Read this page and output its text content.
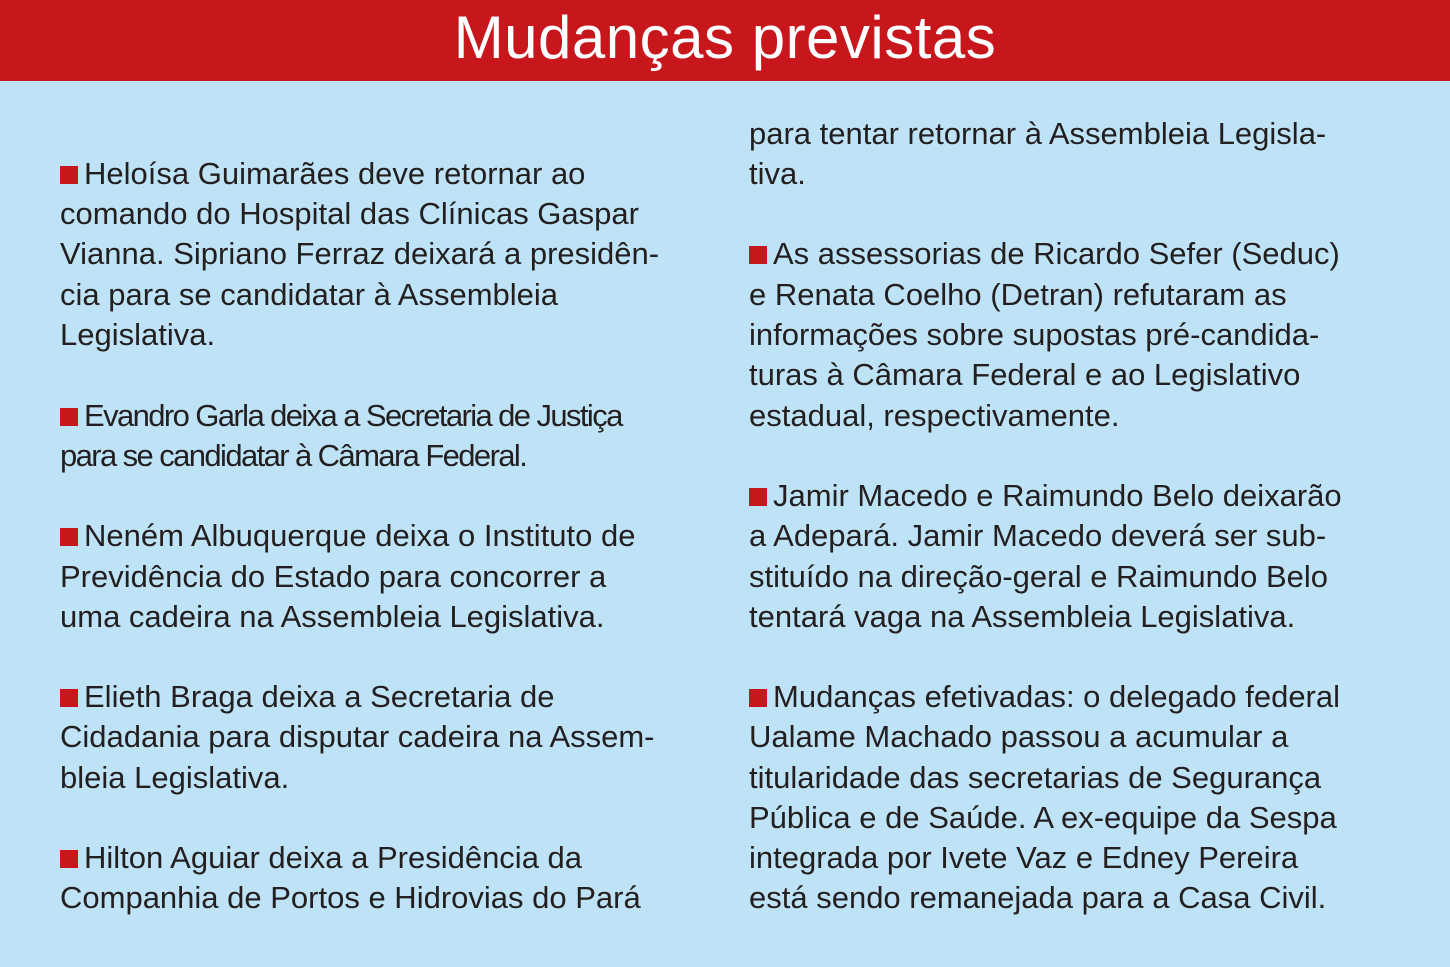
Mudanças previstas
Heloísa Guimarães deve retornar ao
comando do Hospital das Clínicas Gaspar
Vianna. Sipriano Ferraz deixará a presidên-
cia para se candidatar à Assembleia
Legislativa.
Evandro Garla deixa a Secretaria de Justiça
para se candidatar à Câmara Federal.
Neném Albuquerque deixa o Instituto de
Previdência do Estado para concorrer a
uma cadeira na Assembleia Legislativa.
Elieth Braga deixa a Secretaria de
Cidadania para disputar cadeira na Assem-
bleia Legislativa.
Hilton Aguiar deixa a Presidência da
Companhia de Portos e Hidrovias do Pará
para tentar retornar à Assembleia Legisla-
tiva.
As assessorias de Ricardo Sefer (Seduc)
e Renata Coelho (Detran) refutaram as
informações sobre supostas pré-candida-
turas à Câmara Federal e ao Legislativo
estadual, respectivamente.
Jamir Macedo e Raimundo Belo deixarão
a Adepará. Jamir Macedo deverá ser sub-
stituído na direção-geral e Raimundo Belo
tentará vaga na Assembleia Legislativa.
Mudanças efetivadas: o delegado federal
Ualame Machado passou a acumular a
titularidade das secretarias de Segurança
Pública e de Saúde. A ex-equipe da Sespa
integrada por Ivete Vaz e Edney Pereira
está sendo remanejada para a Casa Civil.
